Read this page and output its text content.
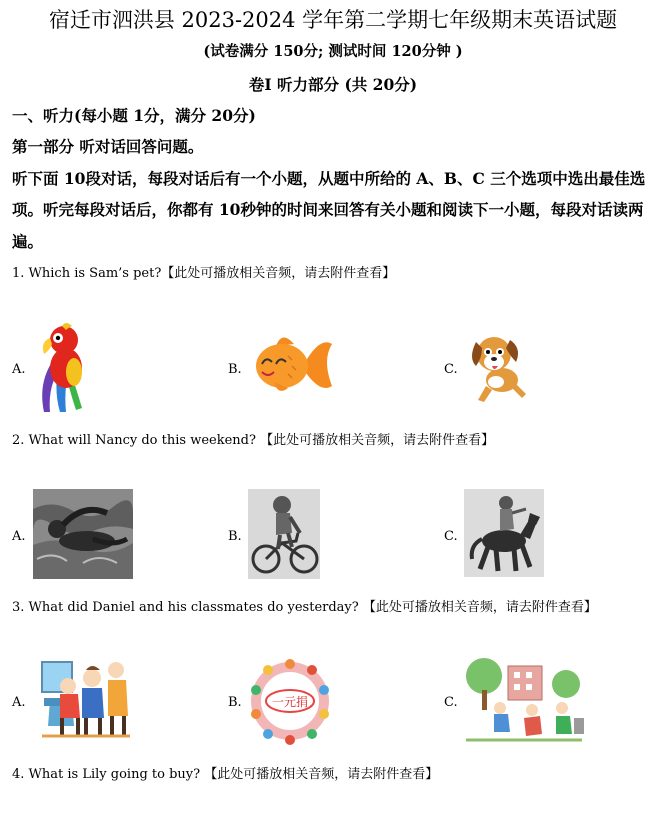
宿迁市泗洪县 2023-2024 学年第二学期七年级期末英语试题
(试卷满分 150分; 测试时间 120分钟 )
卷I 听力部分 (共 20分)
一、听力(每小题 1分，满分 20分)
第一部分 听对话回答问题。
听下面 10段对话，每段对话后有一个小题，从题中所给的 A、B、C 三个选项中选出最佳选
项。听完每段对话后，你都有 10秒钟的时间来回答有关小题和阅读下一小题，每段对话读两
遍。
1. Which is Sam’s pet?【此处可播放相关音频，请去附件查看】
A.	B.	C.
2. What will Nancy do this weekend? 【此处可播放相关音频，请去附件查看】
A.	B.	C.
3. What did Daniel and his classmates do yesterday? 【此处可播放相关音频，请去附件查看】
A.	B.	C.
一元捐
4. What is Lily going to buy? 【此处可播放相关音频，请去附件查看】
